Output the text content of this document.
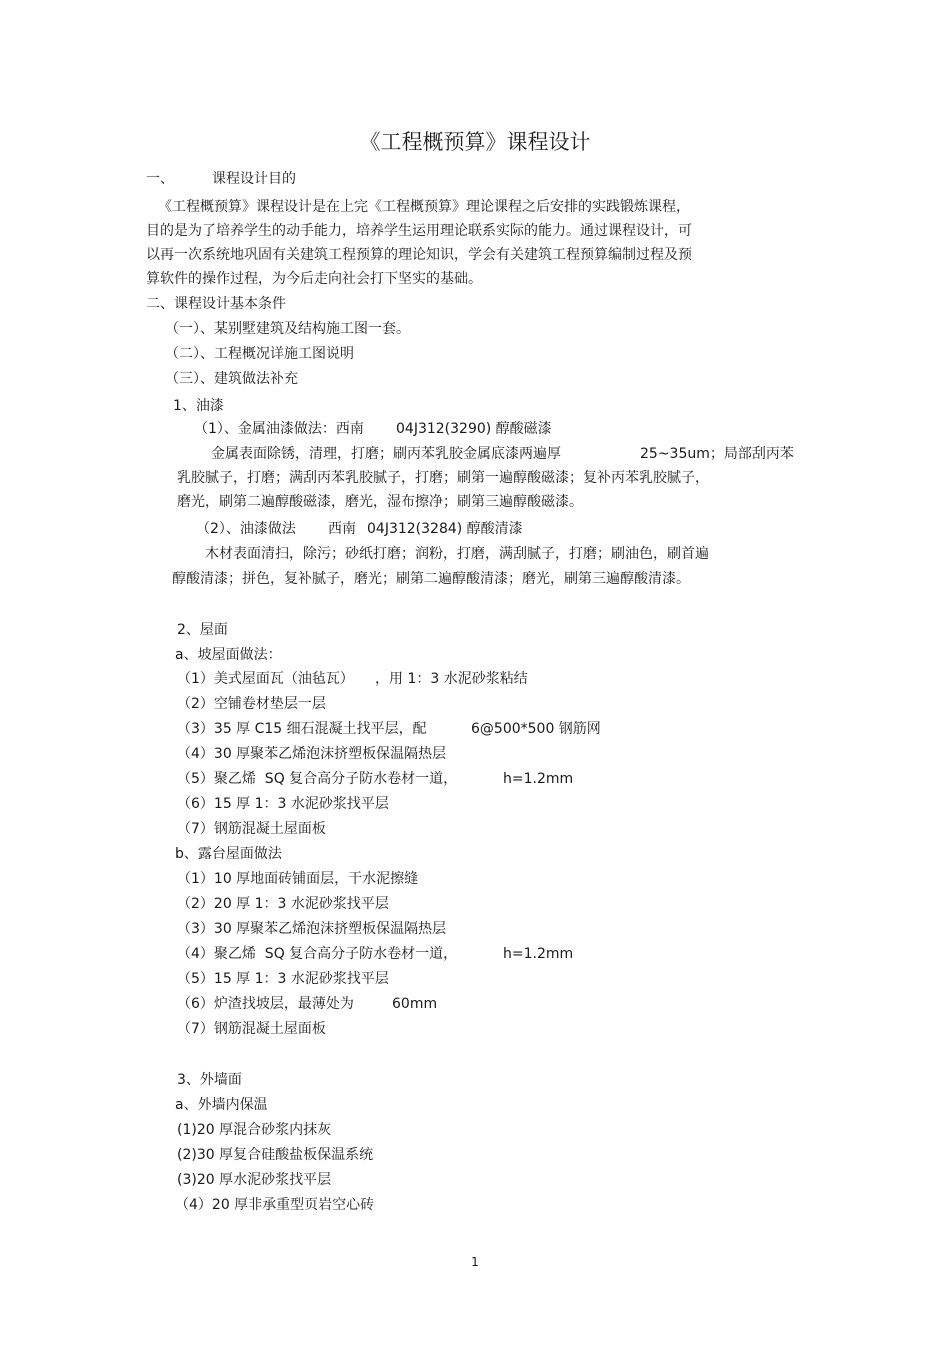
《工程概预算》课程设计
一、	课程设计目的
《工程概预算》课程设计是在上完《工程概预算》理论课程之后安排的实践锻炼课程，
目的是为了培养学生的动手能力，培养学生运用理论联系实际的能力。通过课程设计，可
以再一次系统地巩固有关建筑工程预算的理论知识，学会有关建筑工程预算编制过程及预
算软件的操作过程，为今后走向社会打下坚实的基础。
二、课程设计基本条件
（一）、某别墅建筑及结构施工图一套。
（二）、工程概况详施工图说明
（三）、建筑做法补充
1、油漆
（1）、金属油漆做法：西南 04J312(3290) 醇酸磁漆
金属表面除锈，清理，打磨；刷丙苯乳胶金属底漆两遍厚	25~35um；局部刮丙苯
乳胶腻子，打磨；满刮丙苯乳胶腻子，打磨；刷第一遍醇酸磁漆；复补丙苯乳胶腻子，
磨光，刷第二遍醇酸磁漆，磨光，湿布擦净；刷第三遍醇酸磁漆。
（2）、油漆做法 西南 04J312(3284) 醇酸清漆
木材表面清扫，除污；砂纸打磨；润粉，打磨，满刮腻子，打磨；刷油色，刷首遍
醇酸清漆；拼色，复补腻子，磨光；刷第二遍醇酸清漆；磨光，刷第三遍醇酸清漆。
2、屋面
a、坡屋面做法：
（1）美式屋面瓦（油毡瓦） ，用 1：3 水泥砂浆粘结
（2）空铺卷材垫层一层
（3）35 厚 C15 细石混凝土找平层，配	6@500*500 钢筋网
（4）30 厚聚苯乙烯泡沫挤塑板保温隔热层
（5）聚乙烯  SQ 复合高分子防水卷材一道，	h=1.2mm
（6）15 厚 1：3 水泥砂浆找平层
（7）钢筋混凝土屋面板
b、露台屋面做法
（1）10 厚地面砖铺面层，干水泥擦缝
（2）20 厚 1：3 水泥砂浆找平层
（3）30 厚聚苯乙烯泡沫挤塑板保温隔热层
（4）聚乙烯  SQ 复合高分子防水卷材一道，	h=1.2mm
（5）15 厚 1：3 水泥砂浆找平层
（6）炉渣找坡层，最薄处为	60mm
（7）钢筋混凝土屋面板
3、外墙面
a、外墙内保温
(1)20 厚混合砂浆内抹灰
(2)30 厚复合硅酸盐板保温系统
(3)20 厚水泥砂浆找平层
（4）20 厚非承重型页岩空心砖
1
